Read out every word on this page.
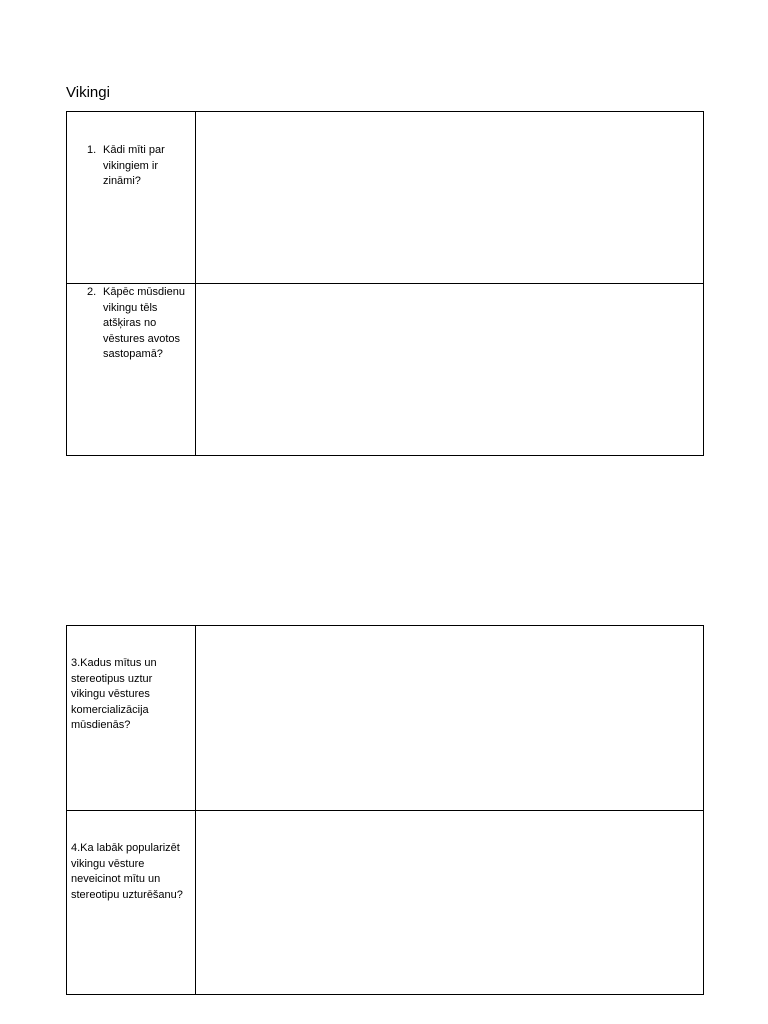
Vikingi
1. Kādi mīti par vikingiem ir zināmi?	

2. Kāpēc mūsdienu vikingu tēls atšķiras no vēstures avotos sastopamā?	

3.Kadus mītus un stereotipus uztur vikingu vēstures komercializācija mūsdienās?	

4.Ka labāk popularizēt vikingu vēsture neveicinot mītu un stereotipu uzturēšanu?	
